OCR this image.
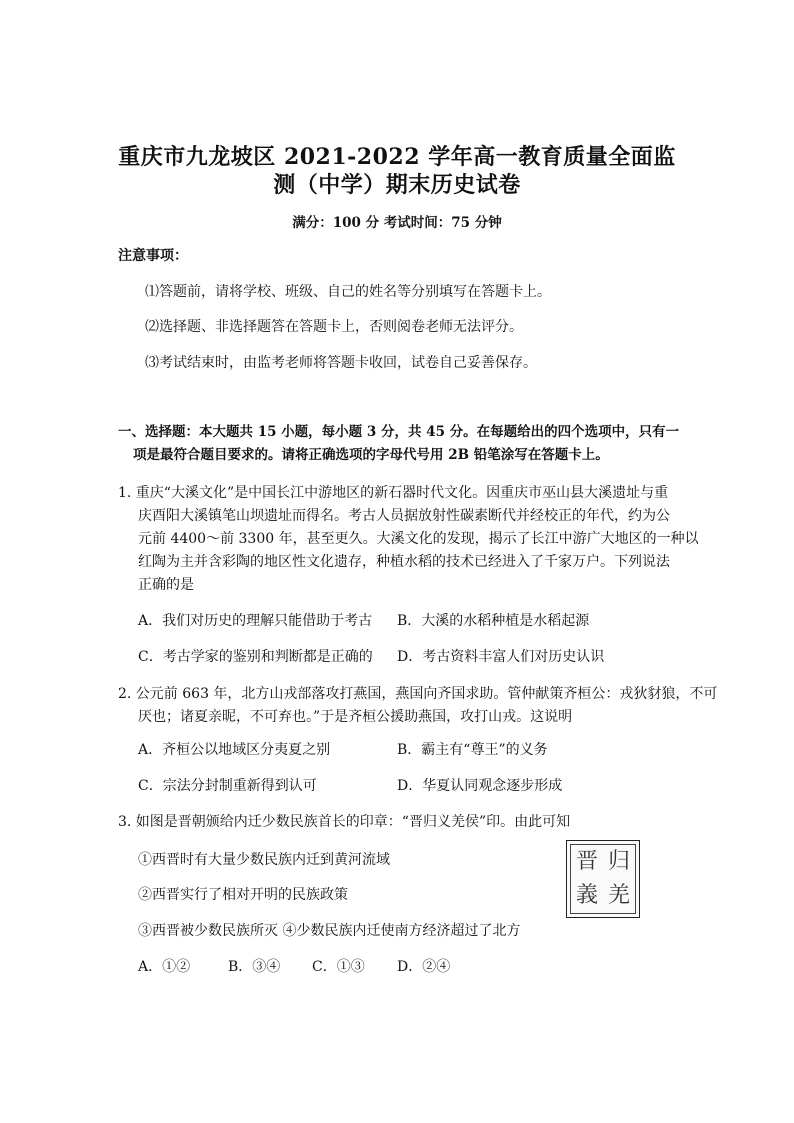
重庆市九龙坡区 2021-2022 学年高一教育质量全面监
测（中学）期末历史试卷
满分：100 分 考试时间：75 分钟
注意事项：
⑴答题前，请将学校、班级、自己的姓名等分别填写在答题卡上。
⑵选择题、非选择题答在答题卡上，否则阅卷老师无法评分。
⑶考试结束时，由监考老师将答题卡收回，试卷自己妥善保存。
一、选择题：本大题共 15 小题，每小题 3 分，共 45 分。在每题给出的四个选项中，只有一
项是最符合题目要求的。请将正确选项的字母代号用 2B 铅笔涂写在答题卡上。
1. 重庆“大溪文化”是中国长江中游地区的新石器时代文化。因重庆市巫山县大溪遗址与重
庆酉阳大溪镇笔山坝遗址而得名。考古人员据放射性碳素断代并经校正的年代，约为公
元前 4400～前 3300 年，甚至更久。大溪文化的发现，揭示了长江中游广大地区的一种以
红陶为主并含彩陶的地区性文化遗存，种植水稻的技术已经进入了千家万户。下列说法
正确的是
A．我们对历史的理解只能借助于考古 B．大溪的水稻种植是水稻起源
C．考古学家的鉴别和判断都是正确的 D．考古资料丰富人们对历史认识
2. 公元前 663 年，北方山戎部落攻打燕国，燕国向齐国求助。管仲献策齐桓公：戎狄豺狼，不可
厌也；诸夏亲昵，不可弃也。”于是齐桓公援助燕国，攻打山戎。这说明
A．齐桓公以地域区分夷夏之别	B．霸主有“尊王”的义务
C．宗法分封制重新得到认可	D．华夏认同观念逐步形成
3. 如图是晋朝颁给内迁少数民族首长的印章：“晋归义羌侯”印。由此可知
①西晋时有大量少数民族内迁到黄河流域
②西晋实行了相对开明的民族政策
③西晋被少数民族所灭 ④少数民族内迁使南方经济超过了北方
A．①②	B．③④ C．①③ D．②④
晋 归
義 羌
